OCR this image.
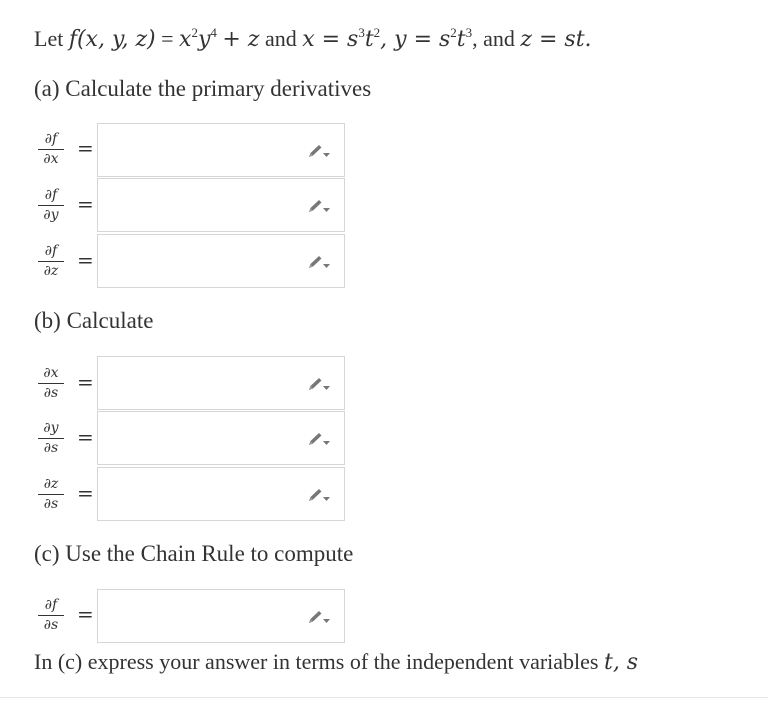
Let f(x, y, $z) = x^2y^4 + z$ and $x = s^3t^2$, $y = s^2t^3$, and z = st.
(a) Calculate the primary derivatives
∂f
∂x =
∂f
∂y =
∂f
∂z =
(b) Calculate
∂x
∂s =
∂y
∂s =
∂z
∂s =
(c) Use the Chain Rule to compute
∂f
∂s =
In (c) express your answer in terms of the independent variables t, s
